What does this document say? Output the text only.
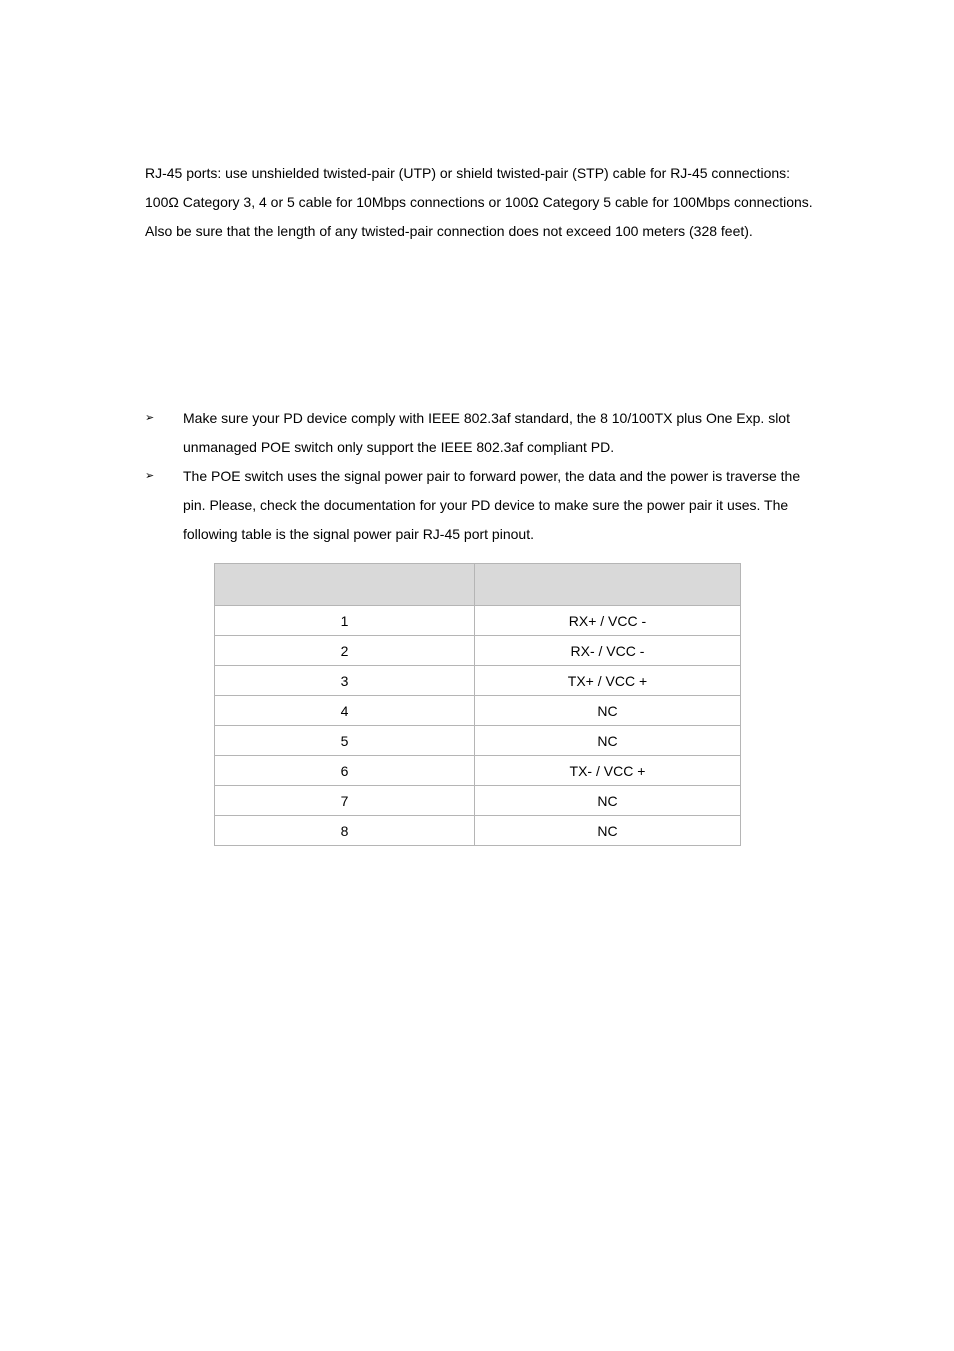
RJ-45 ports: use unshielded twisted-pair (UTP) or shield twisted-pair (STP) cable for RJ-45 connections: 100Ω Category 3, 4 or 5 cable for 10Mbps connections or 100Ω Category 5 cable for 100Mbps connections. Also be sure that the length of any twisted-pair connection does not exceed 100 meters (328 feet).

➢	Make sure your PD device comply with IEEE 802.3af standard, the 8 10/100TX plus One Exp. slot unmanaged POE switch only support the IEEE 802.3af compliant PD.
➢	The POE switch uses the signal power pair to forward power, the data and the power is traverse the pin. Please, check the documentation for your PD device to make sure the power pair it uses. The following table is the signal power pair RJ-45 port pinout.

1	RX+ / VCC -
2	RX- / VCC -
3	TX+ / VCC +
4	NC
5	NC
6	TX- / VCC +
7	NC
8	NC
